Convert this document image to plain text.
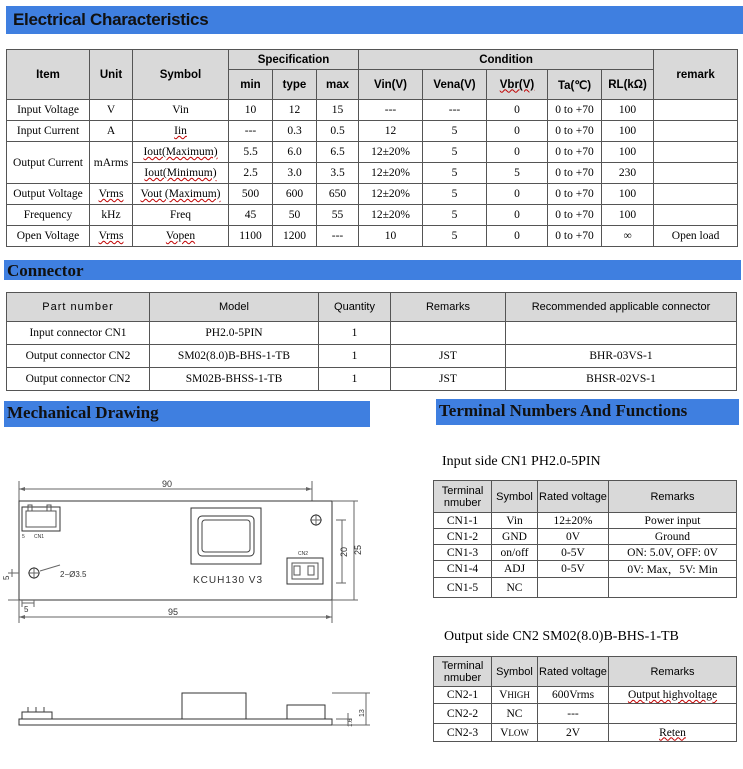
Electrical Characteristics
Item	Unit	Symbol	Specification			Condition					remark
			min	type	max	Vin(V)	Vena(V)	Vbr(V)	Ta(℃)	RL(kΩ)	
Input Voltage	V	Vin	10	12	15	---	---	0	0 to +70	100	
Input Current	A	Iin	---	0.3	0.5	12	5	0	0 to +70	100	
Output Current	mArms	Iout(Maximum)	5.5	6.0	6.5	12±20%	5	0	0 to +70	100	
		Iout(Minimum)	2.5	3.0	3.5	12±20%	5	5	0 to +70	230	
Output Voltage	Vrms	Vout (Maximum)	500	600	650	12±20%	5	0	0 to +70	100	
Frequency	kHz	Freq	45	50	55	12±20%	5	0	0 to +70	100	
Open Voltage	Vrms	Vopen	1100	1200	---	10	5	0	0 to +70	∞	Open load
Connector
Part number	Model	Quantity	Remarks	Recommended applicable connector
Input connector CN1	PH2.0-5PIN	1		
Output connector CN2	SM02(8.0)B-BHS-1-TB	1	JST	BHR-03VS-1
Output connector CN2	SM02B-BHSS-1-TB	1	JST	BHSR-02VS-1
Mechanical Drawing
90
95
20 25
2−Ø3.5
5
5
CN1
5
CN2
KCUH130 V3
1.6
13
Terminal Numbers And Functions
Input side CN1 PH2.0-5PIN
Terminal nmuber	Symbol	Rated voltage	Remarks
CN1-1	Vin	12±20%	Power input
CN1-2	GND	0V	Ground
CN1-3	on/off	0-5V	ON: 5.0V, OFF: 0V
CN1-4	ADJ	0-5V	0V: Max，5V: Min
CN1-5	NC		
Output side CN2 SM02(8.0)B-BHS-1-TB
Terminal nmuber	Symbol	Rated voltage	Remarks
CN2-1	VHIGH	600Vrms	Output highvoltage
CN2-2	NC	---	
CN2-3	VLOW	2V	Reten
